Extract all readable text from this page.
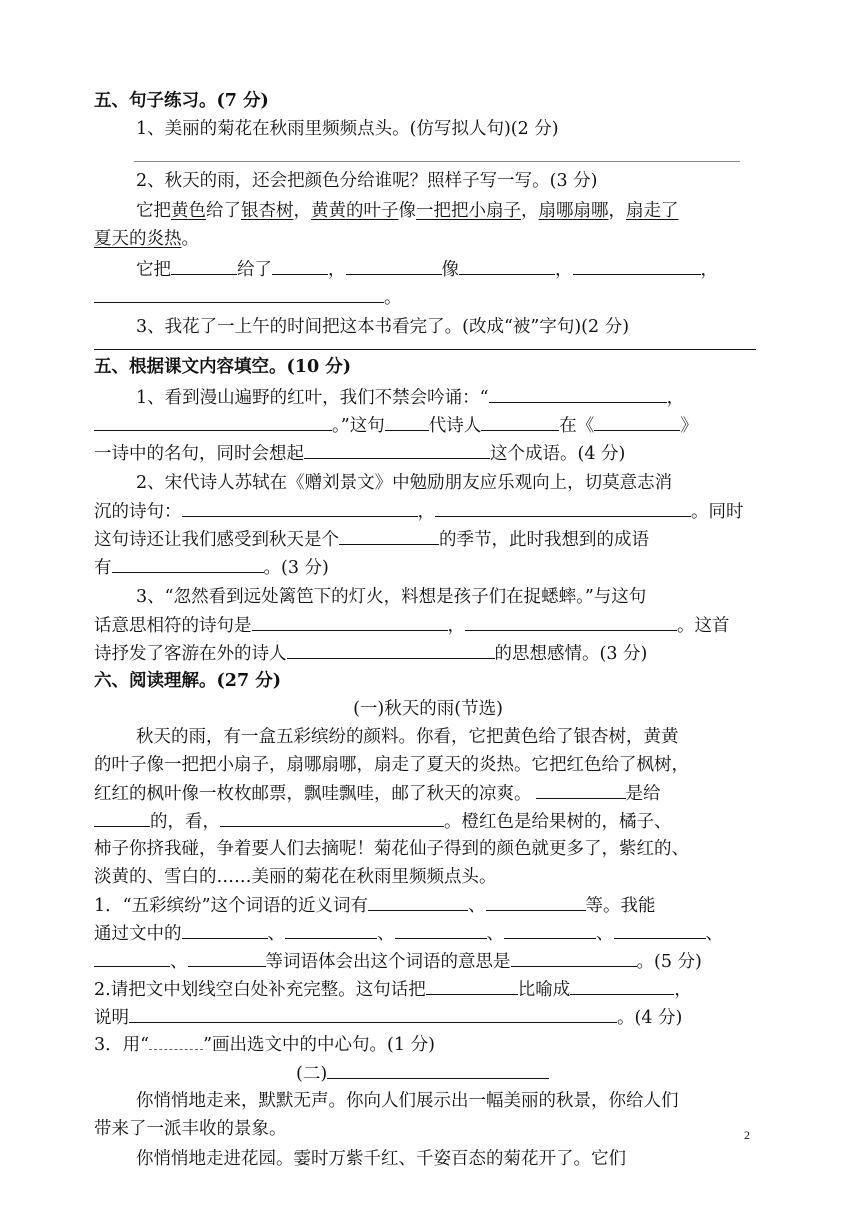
五、句子练习。(7 分)
1、美丽的菊花在秋雨里频频点头。(仿写拟人句)(2 分)
2、秋天的雨，还会把颜色分给谁呢？照样子写一写。(3 分)
它把黄色给了银杏树，黄黄的叶子像一把把小扇子，扇哪扇哪，扇走了
夏天的炎热。
它把	给了	，	像	，	，
。
3、我花了一上午的时间把这本书看完了。(改成“被”字句)(2 分)
五、根据课文内容填空。(10 分)
1、看到漫山遍野的红叶，我们不禁会吟诵：“	，
。”这句	代诗人	在《	》
一诗中的名句，同时会想起	这个成语。(4 分)
2、宋代诗人苏轼在《赠刘景文》中勉励朋友应乐观向上，切莫意志消
沉的诗句：	，	。同时
这句诗还让我们感受到秋天是个	的季节，此时我想到的成语
有	。(3 分)
3、“忽然看到远处篱笆下的灯火，料想是孩子们在捉蟋蟀。”与这句
话意思相符的诗句是	，	。这首
诗抒发了客游在外的诗人	的思想感情。(3 分)
六、阅读理解。(27 分)
(一)秋天的雨(节选)
秋天的雨，有一盒五彩缤纷的颜料。你看，它把黄色给了银杏树，黄黄
的叶子像一把把小扇子，扇哪扇哪，扇走了夏天的炎热。它把红色给了枫树，
红红的枫叶像一枚枚邮票，飘哇飘哇，邮了秋天的凉爽。	是给
的，看，	。橙红色是给果树的，橘子、
柿子你挤我碰，争着要人们去摘呢！菊花仙子得到的颜色就更多了，紫红的、
淡黄的、雪白的……美丽的菊花在秋雨里频频点头。
1．“五彩缤纷”这个词语的近义词有	、	等。我能
通过文中的	、	、	、	、	、
、	等词语体会出这个词语的意思是	。(5 分)
2.请把文中划线空白处补充完整。这句话把	比喻成	，
说明	。(4 分)
3．用“	”画出选文中的中心句。(1 分)
(二)
你悄悄地走来，默默无声。你向人们展示出一幅美丽的秋景，你给人们
带来了一派丰收的景象。
你悄悄地走进花园。霎时万紫千红、千姿百态的菊花开了。它们
2
